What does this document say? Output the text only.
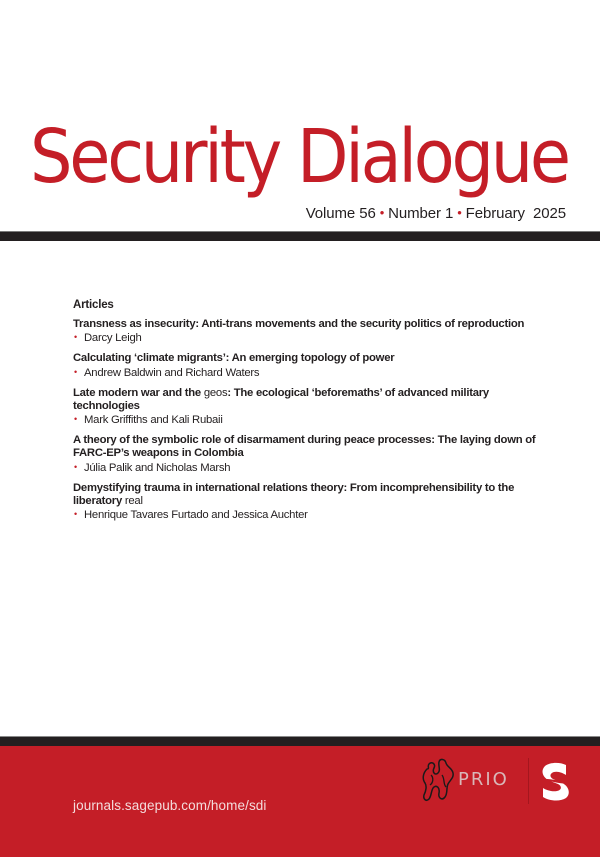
Security Dialogue
Volume 56 • Number 1 • February  2025
Articles
Transness as insecurity: Anti-trans movements and the security politics of reproduction
• Darcy Leigh
Calculating ‘climate migrants’: An emerging topology of power
• Andrew Baldwin and Richard Waters
Late modern war and the geos: The ecological ‘beforemaths’ of advanced military technologies
• Mark Griffiths and Kali Rubaii
A theory of the symbolic role of disarmament during peace processes: The laying down of FARC-EP’s weapons in Colombia
• Júlia Palik and Nicholas Marsh
Demystifying trauma in international relations theory: From incomprehensibility to the liberatory real
• Henrique Tavares Furtado and Jessica Auchter
journals.sagepub.com/home/sdi
PRIO
